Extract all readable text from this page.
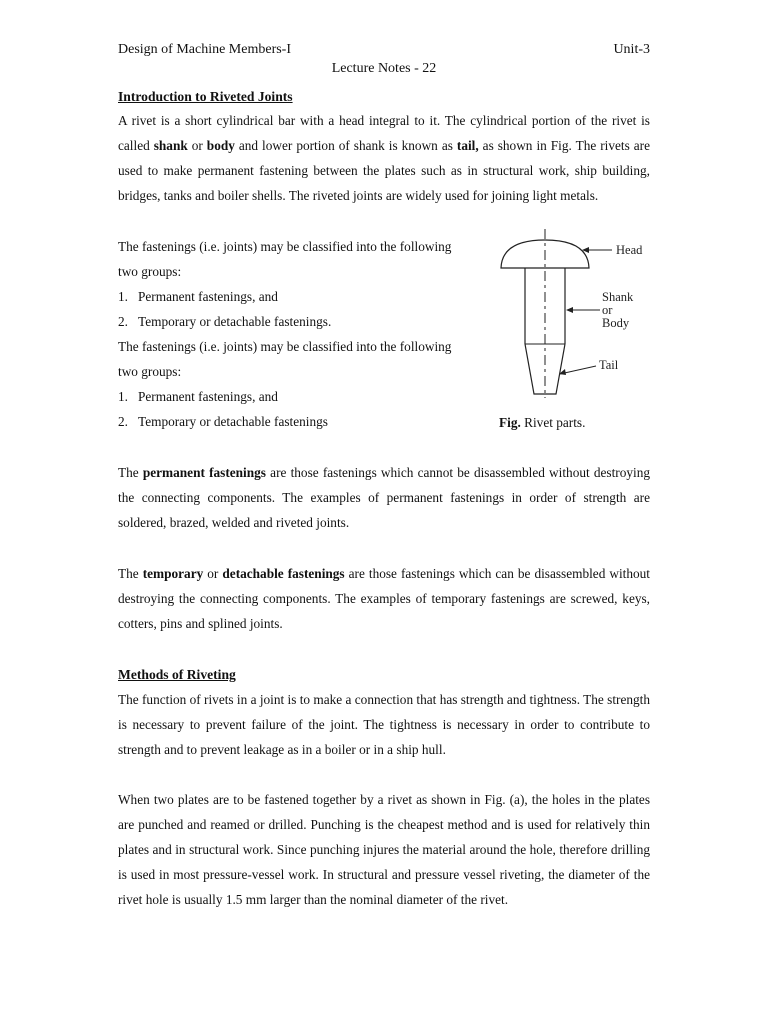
Design of Machine Members-I	Unit-3
Lecture Notes - 22
Introduction to Riveted Joints

A rivet is a short cylindrical bar with a head integral to it. The cylindrical portion of the rivet is called shank or body and lower portion of shank is known as tail, as shown in Fig. The rivets are used to make permanent fastening between the plates such as in structural work, ship building, bridges, tanks and boiler shells. The riveted joints are widely used for joining light metals.

The fastenings (i.e. joints) may be classified into the following
two groups:
1. Permanent fastenings, and
2. Temporary or detachable fastenings.
The fastenings (i.e. joints) may be classified into the following
two groups:
1. Permanent fastenings, and
2. Temporary or detachable fastenings
Head
Shank
or
Body
Tail
Fig. Rivet parts.

The permanent fastenings are those fastenings which cannot be disassembled without destroying the connecting components. The examples of permanent fastenings in order of strength are soldered, brazed, welded and riveted joints.

The temporary or detachable fastenings are those fastenings which can be disassembled without destroying the connecting components. The examples of temporary fastenings are screwed, keys, cotters, pins and splined joints.

Methods of Riveting

The function of rivets in a joint is to make a connection that has strength and tightness. The strength is necessary to prevent failure of the joint. The tightness is necessary in order to contribute to strength and to prevent leakage as in a boiler or in a ship hull.

When two plates are to be fastened together by a rivet as shown in Fig. (a), the holes in the plates are punched and reamed or drilled. Punching is the cheapest method and is used for relatively thin plates and in structural work. Since punching injures the material around the hole, therefore drilling is used in most pressure-vessel work. In structural and pressure vessel riveting, the diameter of the rivet hole is usually 1.5 mm larger than the nominal diameter of the rivet.
